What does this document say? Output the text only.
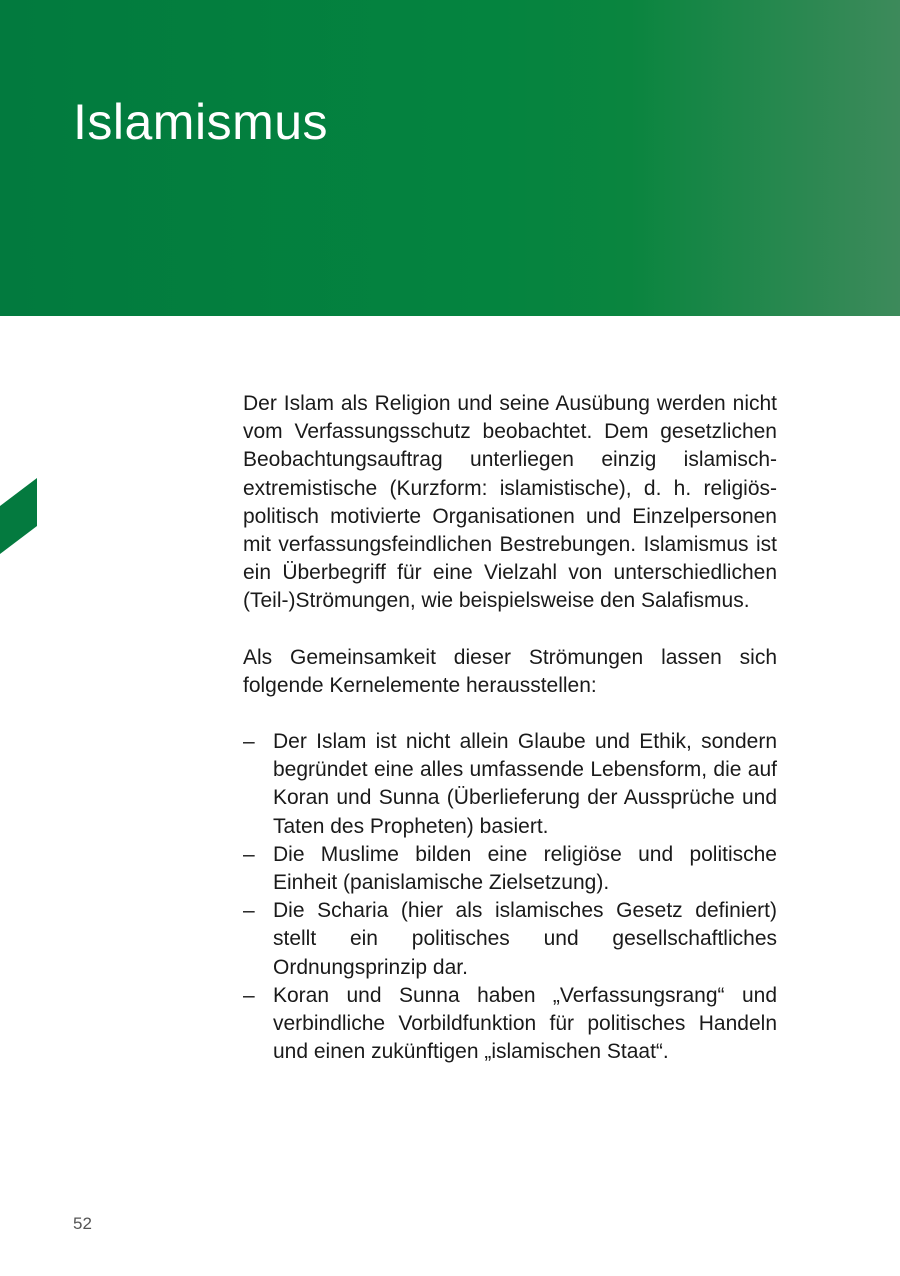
Islamismus

Der Islam als Religion und seine Ausübung werden nicht vom Verfassungsschutz beobachtet. Dem gesetzlichen Beobachtungsauftrag unterliegen einzig islamisch-extremistische (Kurzform: islamistische), d. h. religiös-politisch motivierte Organisationen und Einzelpersonen mit verfassungsfeindlichen Bestrebungen. Islamismus ist ein Überbegriff für eine Vielzahl von unterschiedlichen (Teil-)Strömungen, wie beispielsweise den Salafismus.

Als Gemeinsamkeit dieser Strömungen lassen sich folgende Kernelemente herausstellen:

– Der Islam ist nicht allein Glaube und Ethik, sondern begründet eine alles umfassende Lebensform, die auf Koran und Sunna (Überlieferung der Aussprüche und Taten des Propheten) basiert.
– Die Muslime bilden eine religiöse und politische Einheit (panislamische Zielsetzung).
– Die Scharia (hier als islamisches Gesetz definiert) stellt ein politisches und gesellschaftliches Ordnungsprinzip dar.
– Koran und Sunna haben „Verfassungsrang“ und verbindliche Vorbildfunktion für politisches Handeln und einen zukünftigen „islamischen Staat“.
52
